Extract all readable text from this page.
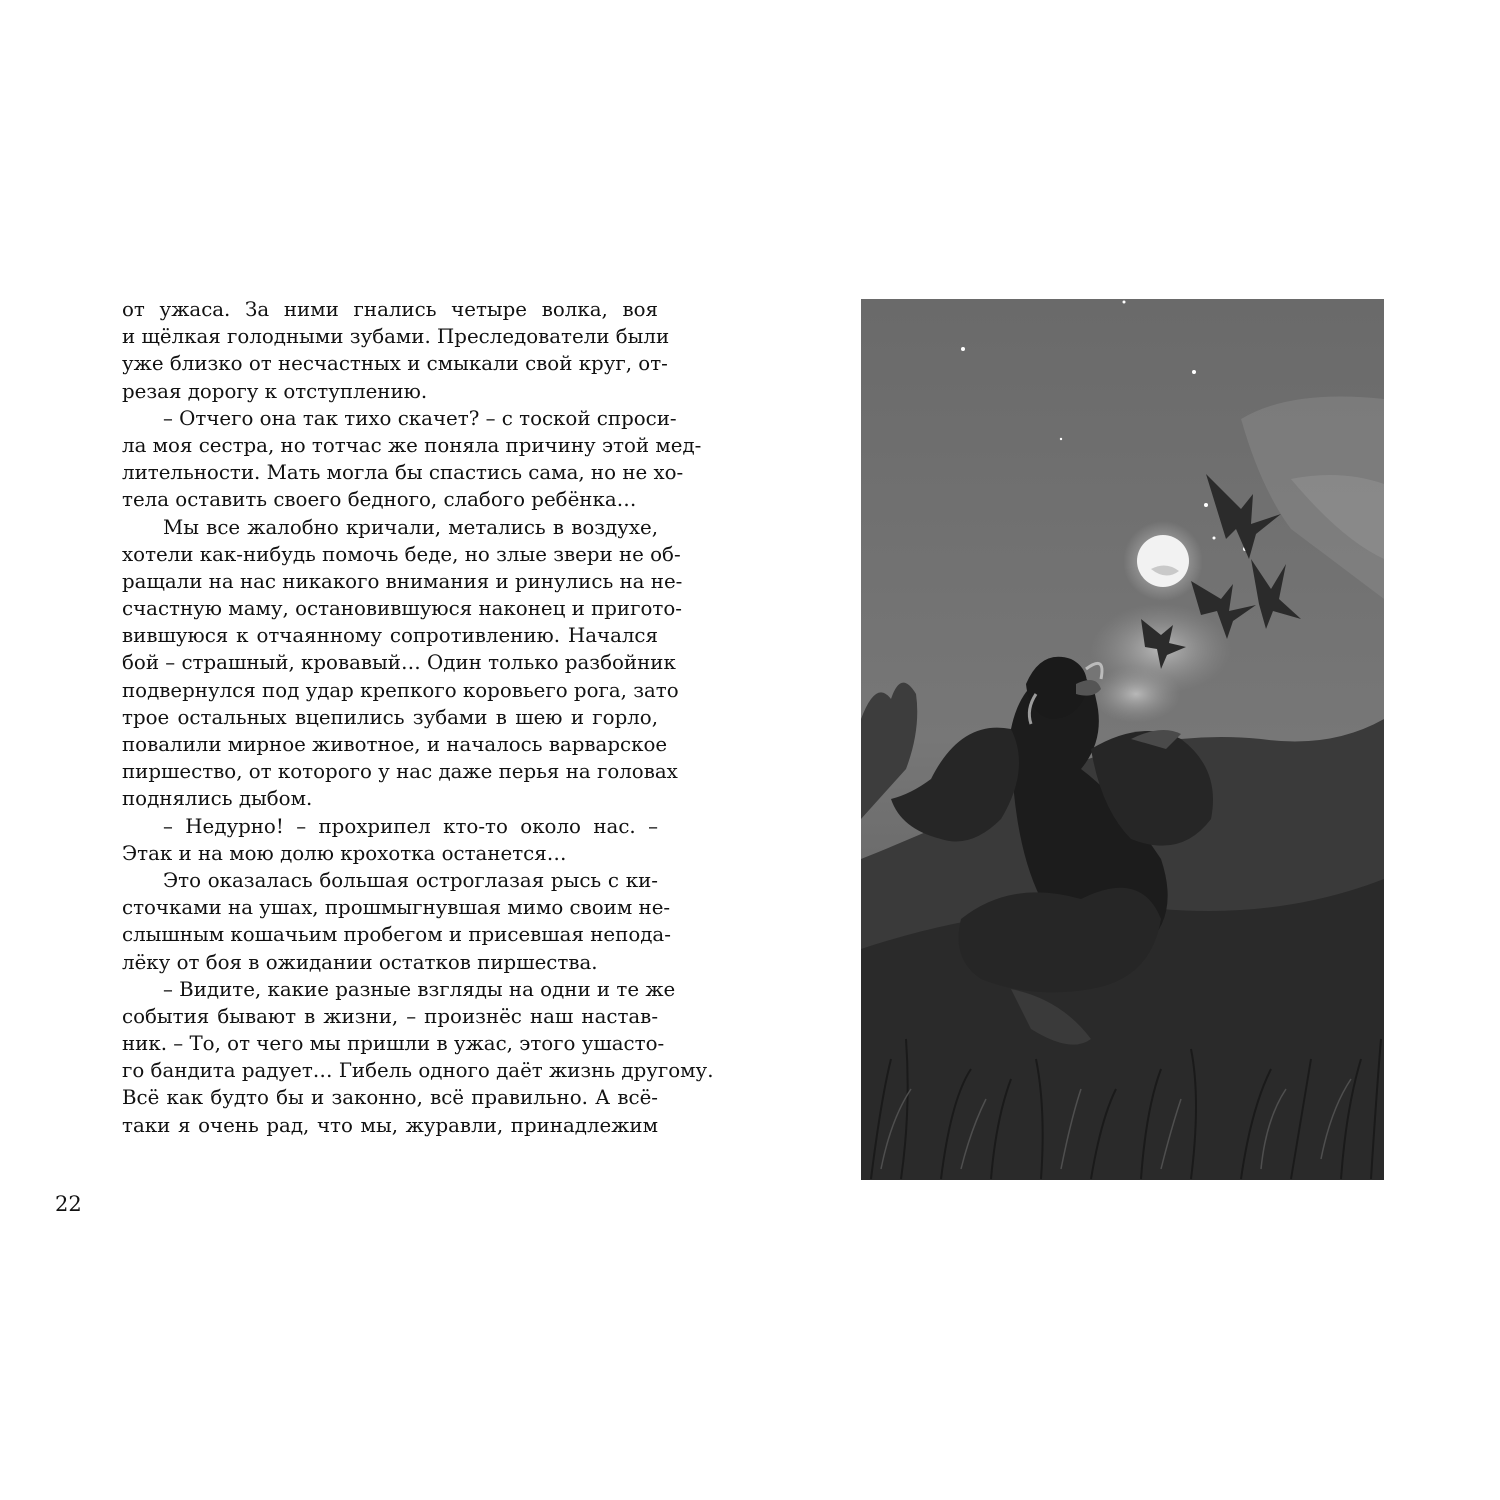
от ужаса. За ними гнались четыре волка, воя
и щёлкая голодными зубами. Преследователи были
уже близко от несчастных и смыкали свой круг, от-
резая дорогу к отступлению.
– Отчего она так тихо скачет? – с тоской спроси-
ла моя сестра, но тотчас же поняла причину этой мед-
лительности. Мать могла бы спастись сама, но не хо-
тела оставить своего бедного, слабого ребёнка…
Мы все жалобно кричали, метались в воздухе,
хотели как-нибудь помочь беде, но злые звери не об-
ращали на нас никакого внимания и ринулись на не-
счастную маму, остановившуюся наконец и пригото-
вившуюся к отчаянному сопротивлению. Начался
бой – страшный, кровавый… Один только разбойник
подвернулся под удар крепкого коровьего рога, зато
трое остальных вцепились зубами в шею и горло,
повалили мирное животное, и началось варварское
пиршество, от которого у нас даже перья на головах
поднялись дыбом.
– Недурно! – прохрипел кто-то около нас. –
Этак и на мою долю крохотка останется…
Это оказалась большая остроглазая рысь с ки-
сточками на ушах, прошмыгнувшая мимо своим не-
слышным кошачьим пробегом и присевшая непода-
лёку от боя в ожидании остатков пиршества.
– Видите, какие разные взгляды на одни и те же
события бывают в жизни, – произнёс наш настав-
ник. – То, от чего мы пришли в ужас, этого ушасто-
го бандита радует… Гибель одного даёт жизнь другому.
Всё как будто бы и законно, всё правильно. А всё-
таки я очень рад, что мы, журавли, принадлежим
22
